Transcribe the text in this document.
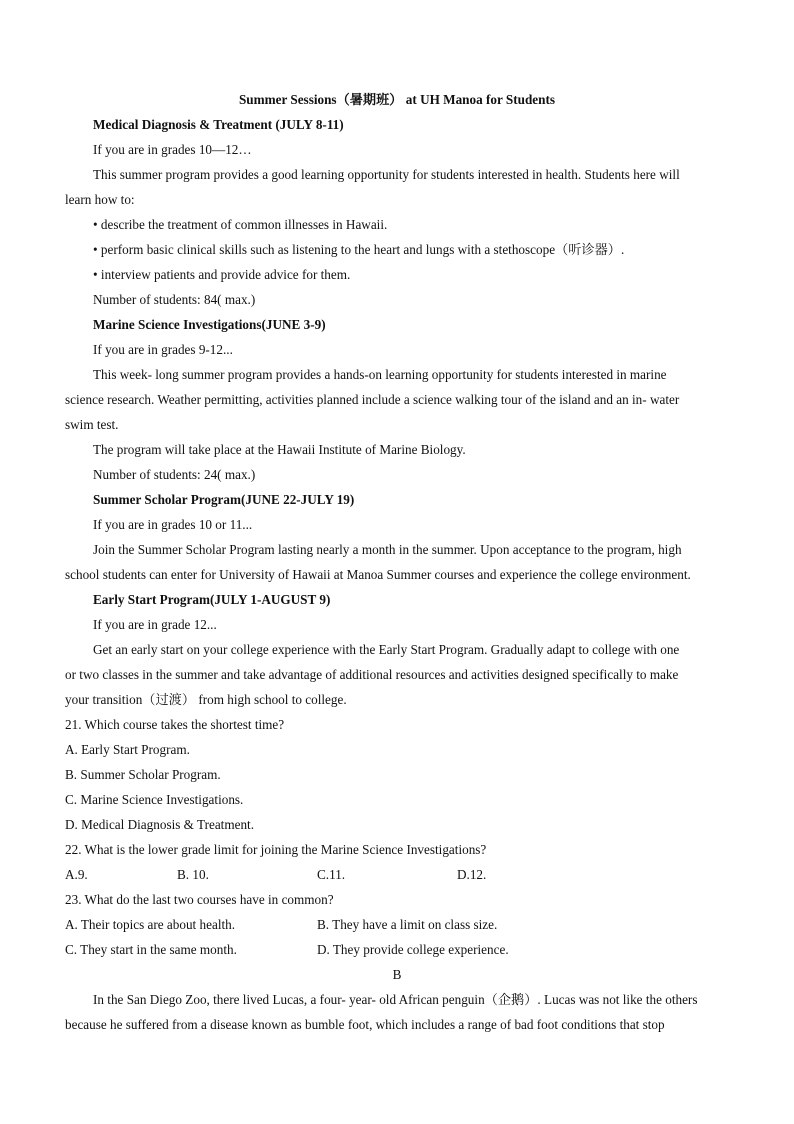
Summer Sessions（暑期班） at UH Manoa for Students
Medical Diagnosis & Treatment (JULY 8-11)
If you are in grades 10—12…
This summer program provides a good learning opportunity for students interested in health. Students here will
learn how to:
• describe the treatment of common illnesses in Hawaii.
• perform basic clinical skills such as listening to the heart and lungs with a stethoscope（听诊器）.
• interview patients and provide advice for them.
Number of students: 84( max.)
Marine Science Investigations(JUNE 3-9)
If you are in grades 9-12...
This week- long summer program provides a hands-on learning opportunity for students interested in marine
science research. Weather permitting, activities planned include a science walking tour of the island and an in- water
swim test.
The program will take place at the Hawaii Institute of Marine Biology.
Number of students: 24( max.)
Summer Scholar Program(JUNE 22-JULY 19)
If you are in grades 10 or 11...
Join the Summer Scholar Program lasting nearly a month in the summer. Upon acceptance to the program, high
school students can enter for University of Hawaii at Manoa Summer courses and experience the college environment.
Early Start Program(JULY 1-AUGUST 9)
If you are in grade 12...
Get an early start on your college experience with the Early Start Program. Gradually adapt to college with one
or two classes in the summer and take advantage of additional resources and activities designed specifically to make
your transition（过渡） from high school to college.
21. Which course takes the shortest time?
A. Early Start Program.
B. Summer Scholar Program.
C. Marine Science Investigations.
D. Medical Diagnosis & Treatment.
22. What is the lower grade limit for joining the Marine Science Investigations?
A.9.	B. 10.	C.11.	D.12.
23. What do the last two courses have in common?
A. Their topics are about health.	B. They have a limit on class size.
C. They start in the same month.	D. They provide college experience.
B
In the San Diego Zoo, there lived Lucas, a four- year- old African penguin（企鹅）. Lucas was not like the others
because he suffered from a disease known as bumble foot, which includes a range of bad foot conditions that stop
